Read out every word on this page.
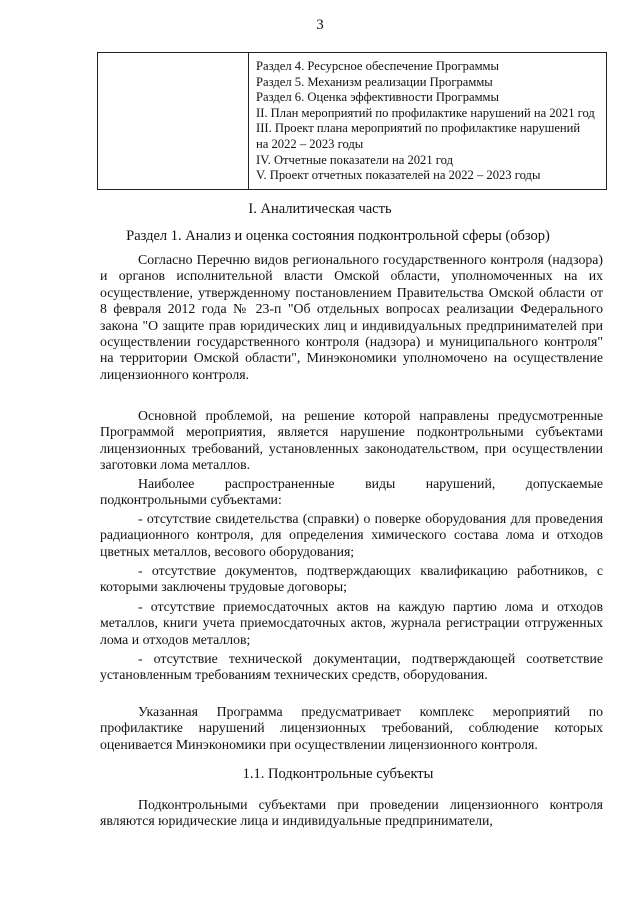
3
Раздел 4. Ресурсное обеспечение Программы
Раздел 5. Механизм реализации Программы
Раздел 6. Оценка эффективности Программы
II. План мероприятий по профилактике нарушений на 2021 год
III. Проект плана мероприятий по профилактике нарушений
на 2022 – 2023 годы
IV. Отчетные показатели на 2021 год
V. Проект отчетных показателей на 2022 – 2023 годы
I. Аналитическая часть
Раздел 1. Анализ и оценка состояния подконтрольной сферы (обзор)
Согласно Перечню видов регионального государственного контроля (надзора) и органов исполнительной власти Омской области, уполномоченных на их осуществление, утвержденному постановлением Правительства Омской области от 8 февраля 2012 года № 23-п "Об отдельных вопросах реализации Федерального закона "О защите прав юридических лиц и индивидуальных предпринимателей при осуществлении государственного контроля (надзора) и муниципального контроля" на территории Омской области", Минэкономики уполномочено на осуществление лицензионного контроля.
Основной проблемой, на решение которой направлены предусмотренные Программой мероприятия, является нарушение подконтрольными субъектами лицензионных требований, установленных законодательством, при осуществлении заготовки лома металлов.
Наиболее распространенные виды нарушений, допускаемые подконтрольными субъектами:
- отсутствие свидетельства (справки) о поверке оборудования для проведения радиационного контроля, для определения химического состава лома и отходов цветных металлов, весового оборудования;
- отсутствие документов, подтверждающих квалификацию работников, с которыми заключены трудовые договоры;
- отсутствие приемосдаточных актов на каждую партию лома и отходов металлов, книги учета приемосдаточных актов, журнала регистрации отгруженных лома и отходов металлов;
- отсутствие технической документации, подтверждающей соответствие установленным требованиям технических средств, оборудования.
Указанная Программа предусматривает комплекс мероприятий по профилактике нарушений лицензионных требований, соблюдение которых оценивается Минэкономики при осуществлении лицензионного контроля.
1.1. Подконтрольные субъекты
Подконтрольными субъектами при проведении лицензионного контроля являются юридические лица и индивидуальные предприниматели,
